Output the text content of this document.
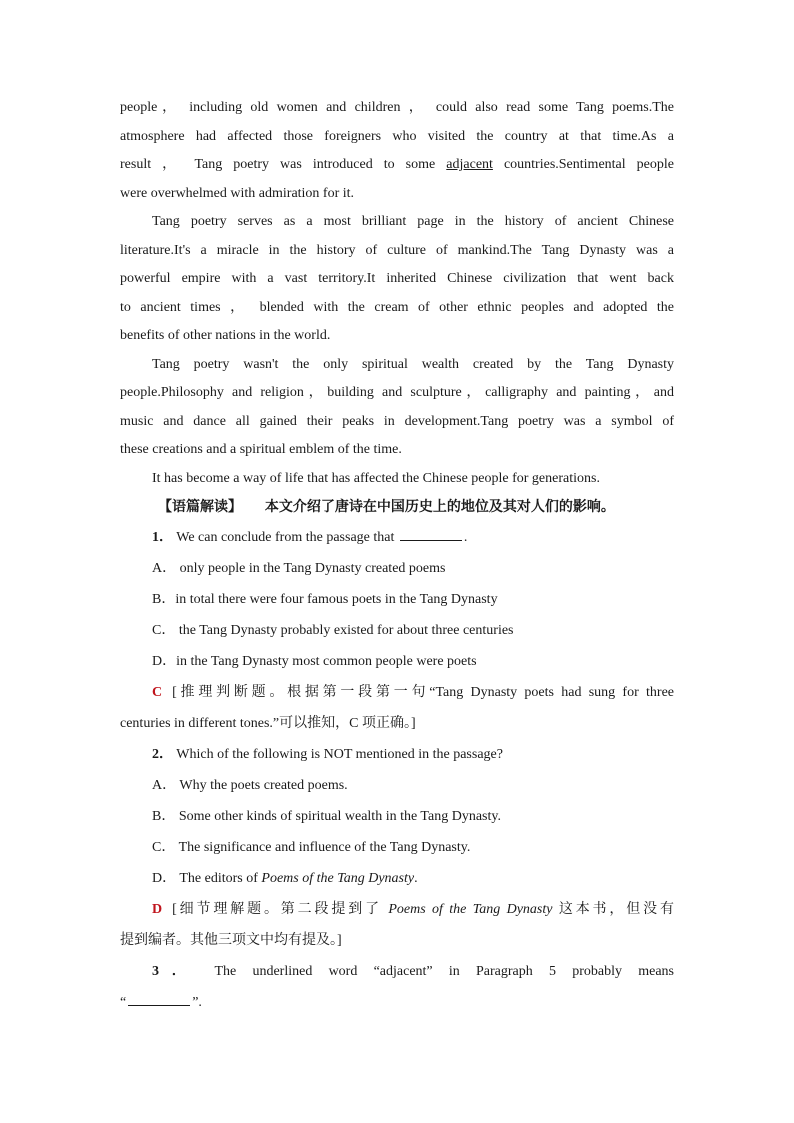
people， including old women and children ， could also read some Tang poems.The
atmosphere had affected those foreigners who visited the country at that time.As a
result ， Tang poetry was introduced to some adjacent countries.Sentimental people
were overwhelmed with admiration for it.
Tang poetry serves as a most brilliant page in the history of ancient Chinese
literature.It's a miracle in the history of culture of mankind.The Tang Dynasty was a
powerful empire with a vast territory.It inherited Chinese civilization that went back
to ancient times ， blended with the cream of other ethnic peoples and adopted the
benefits of other nations in the world.
Tang poetry wasn't the only spiritual wealth created by the Tang Dynasty
people.Philosophy and religion，building and sculpture，calligraphy and painting，and
music and dance all gained their peaks in development.Tang poetry was a symbol of
these creations and a spiritual emblem of the time.
It has become a way of life that has affected the Chinese people for generations.
【语篇解读】 本文介绍了唐诗在中国历史上的地位及其对人们的影响。
1． We can conclude from the passage that	.
A． only people in the Tang Dynasty created poems
B．in total there were four famous poets in the Tang Dynasty
C． the Tang Dynasty probably existed for about three centuries
D．in the Tang Dynasty most common people were poets
C [推理判断题。根据第一段第一句“Tang Dynasty poets had sung for three
centuries in different tones.”可以推知，C 项正确。]
2． Which of the following is NOT mentioned in the passage?
A． Why the poets created poems.
B． Some other kinds of spiritual wealth in the Tang Dynasty.
C． The significance and influence of the Tang Dynasty.
D． The editors of Poems of the Tang Dynasty.
D [细节理解题。第二段提到了 Poems of the Tang Dynasty 这本书，但没有
提到编者。其他三项文中均有提及。]
3． The underlined word “adjacent” in Paragraph 5 probably means
“	”.
